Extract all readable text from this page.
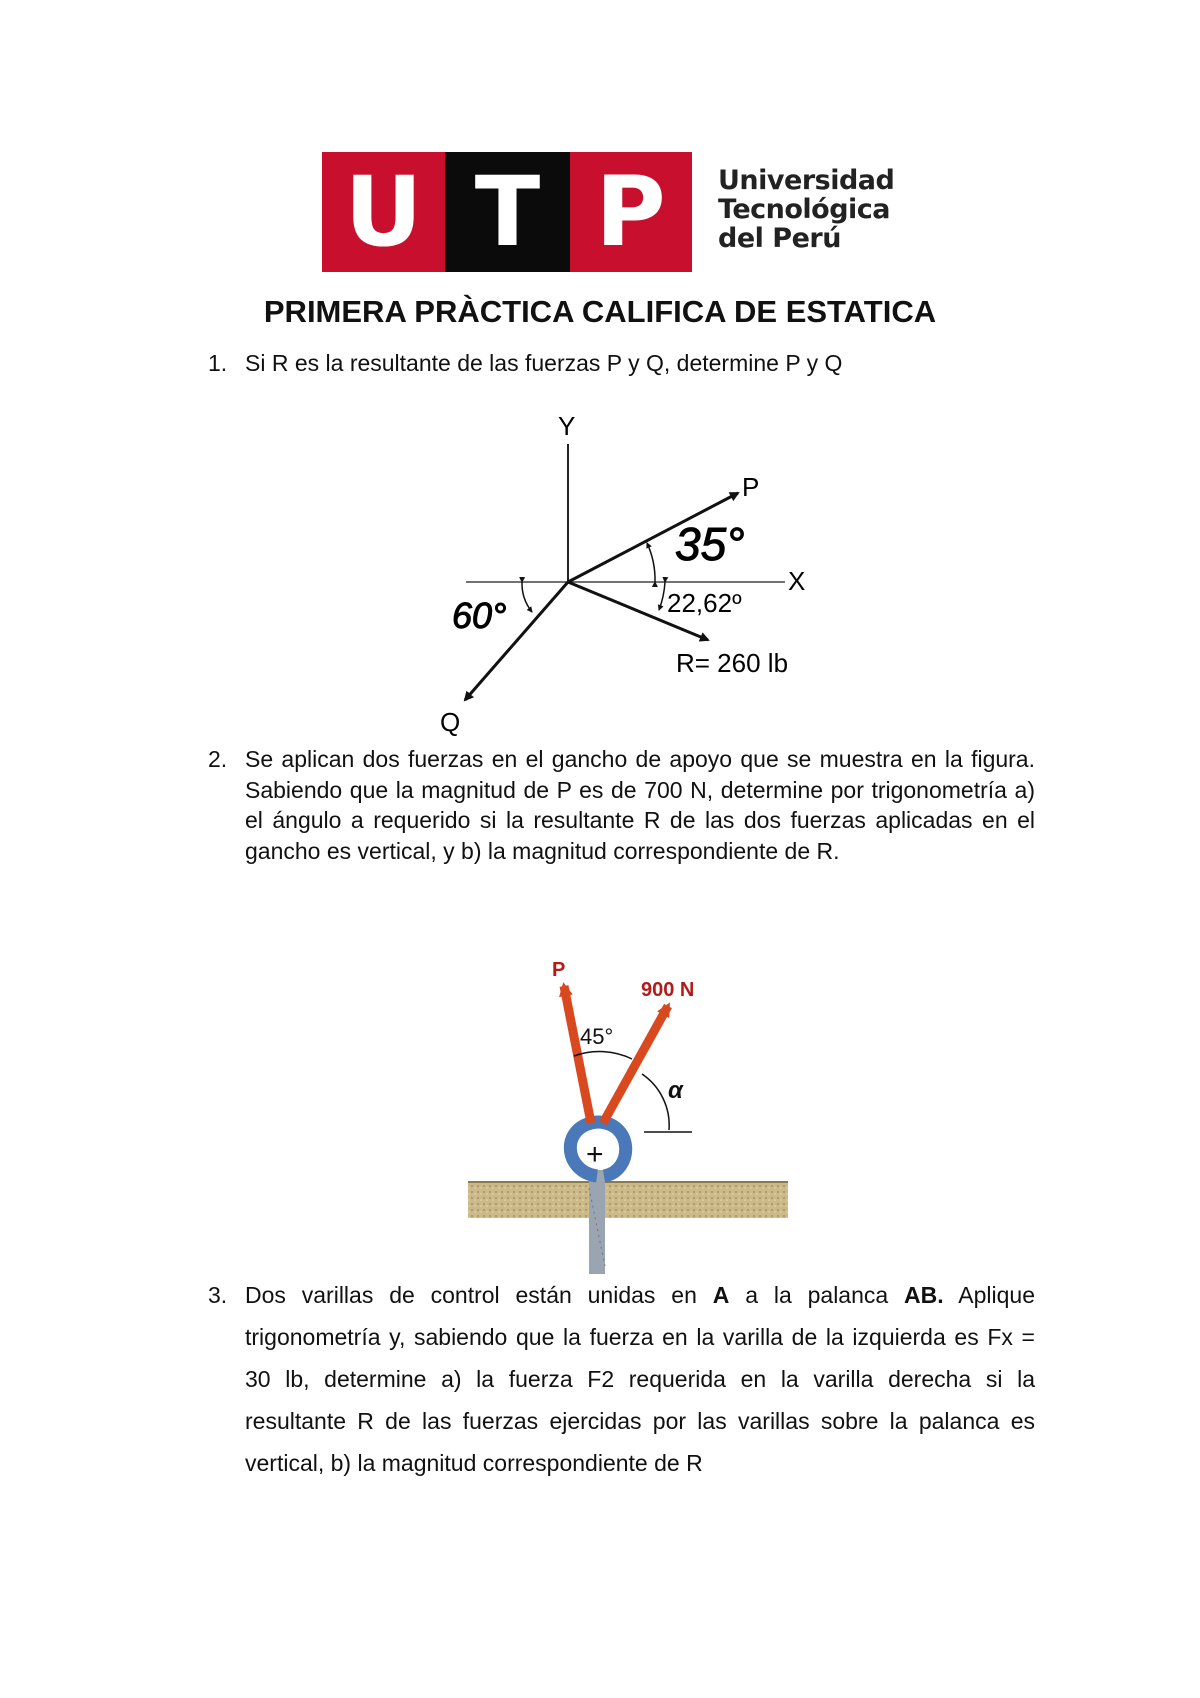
U T P	Universidad
Tecnológica
del Perú
PRIMERA PRÀCTICA CALIFICA DE ESTATICA
1. Si R es la resultante de las fuerzas P y Q, determine P y Q
Y
X
P
Q
R= 260 lb
22,62º
35°
60°
2. Se aplican dos fuerzas en el gancho de apoyo que se muestra en la figura. Sabiendo que la magnitud de P es de 700 N, determine por trigonometría a) el ángulo a requerido si la resultante R de las dos fuerzas aplicadas en el gancho es vertical, y b) la magnitud correspondiente de R.
+
P
900 N
45°
α
3. Dos varillas de control están unidas en A a la palanca AB. Aplique trigonometría y, sabiendo que la fuerza en la varilla de la izquierda es Fx = 30 lb, determine a) la fuerza F2 requerida en la varilla derecha si la resultante R de las fuerzas ejercidas por las varillas sobre la palanca es vertical, b) la magnitud correspondiente de R
